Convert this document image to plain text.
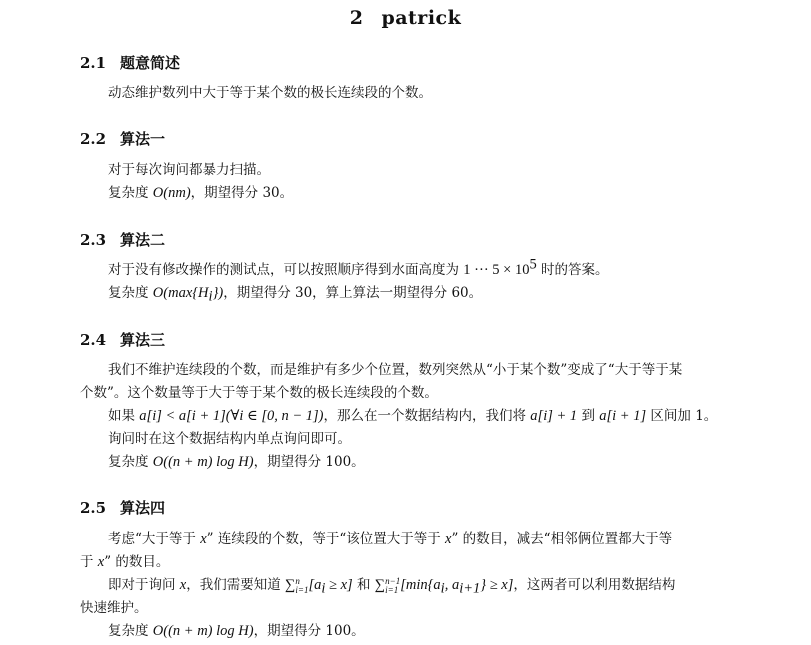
2 patrick
2.1 题意简述
动态维护数列中大于等于某个数的极长连续段的个数。
2.2 算法一
对于每次询问都暴力扫描。
复杂度 O(nm)，期望得分 30。
2.3 算法二
对于没有修改操作的测试点，可以按照顺序得到水面高度为 1 ··· $5 \times 10^5$ 时的答案。
复杂度 $O(\max\{H_i\})$，期望得分 30，算上算法一期望得分 60。
2.4 算法三
我们不维护连续段的个数，而是维护有多少个位置，数列突然从“小于某个数”变成了“大于等于某
个数”。这个数量等于大于等于某个数的极长连续段的个数。
如果 a[i] < a[i + 1](∀i ∈ [0, n − 1])，那么在一个数据结构内，我们将 a[i] + 1 到 a[i + 1] 区间加 1。
询问时在这个数据结构内单点询问即可。
复杂度 O((n + m) log H)，期望得分 100。
2.5 算法四
考虑“大于等于 x” 连续段的个数，等于“该位置大于等于 x” 的数目，减去“相邻俩位置都大于等
于 x” 的数目。
即对于询问 x，我们需要知道 ∑ n
i=1 $[a_i \ge x]$ 和 ∑ n−1
i=1 [$\min\{a_i$, $a_{i+1}\} \ge x$]，这两者可以利用数据结构
快速维护。
复杂度 O((n + m) log H)，期望得分 100。
